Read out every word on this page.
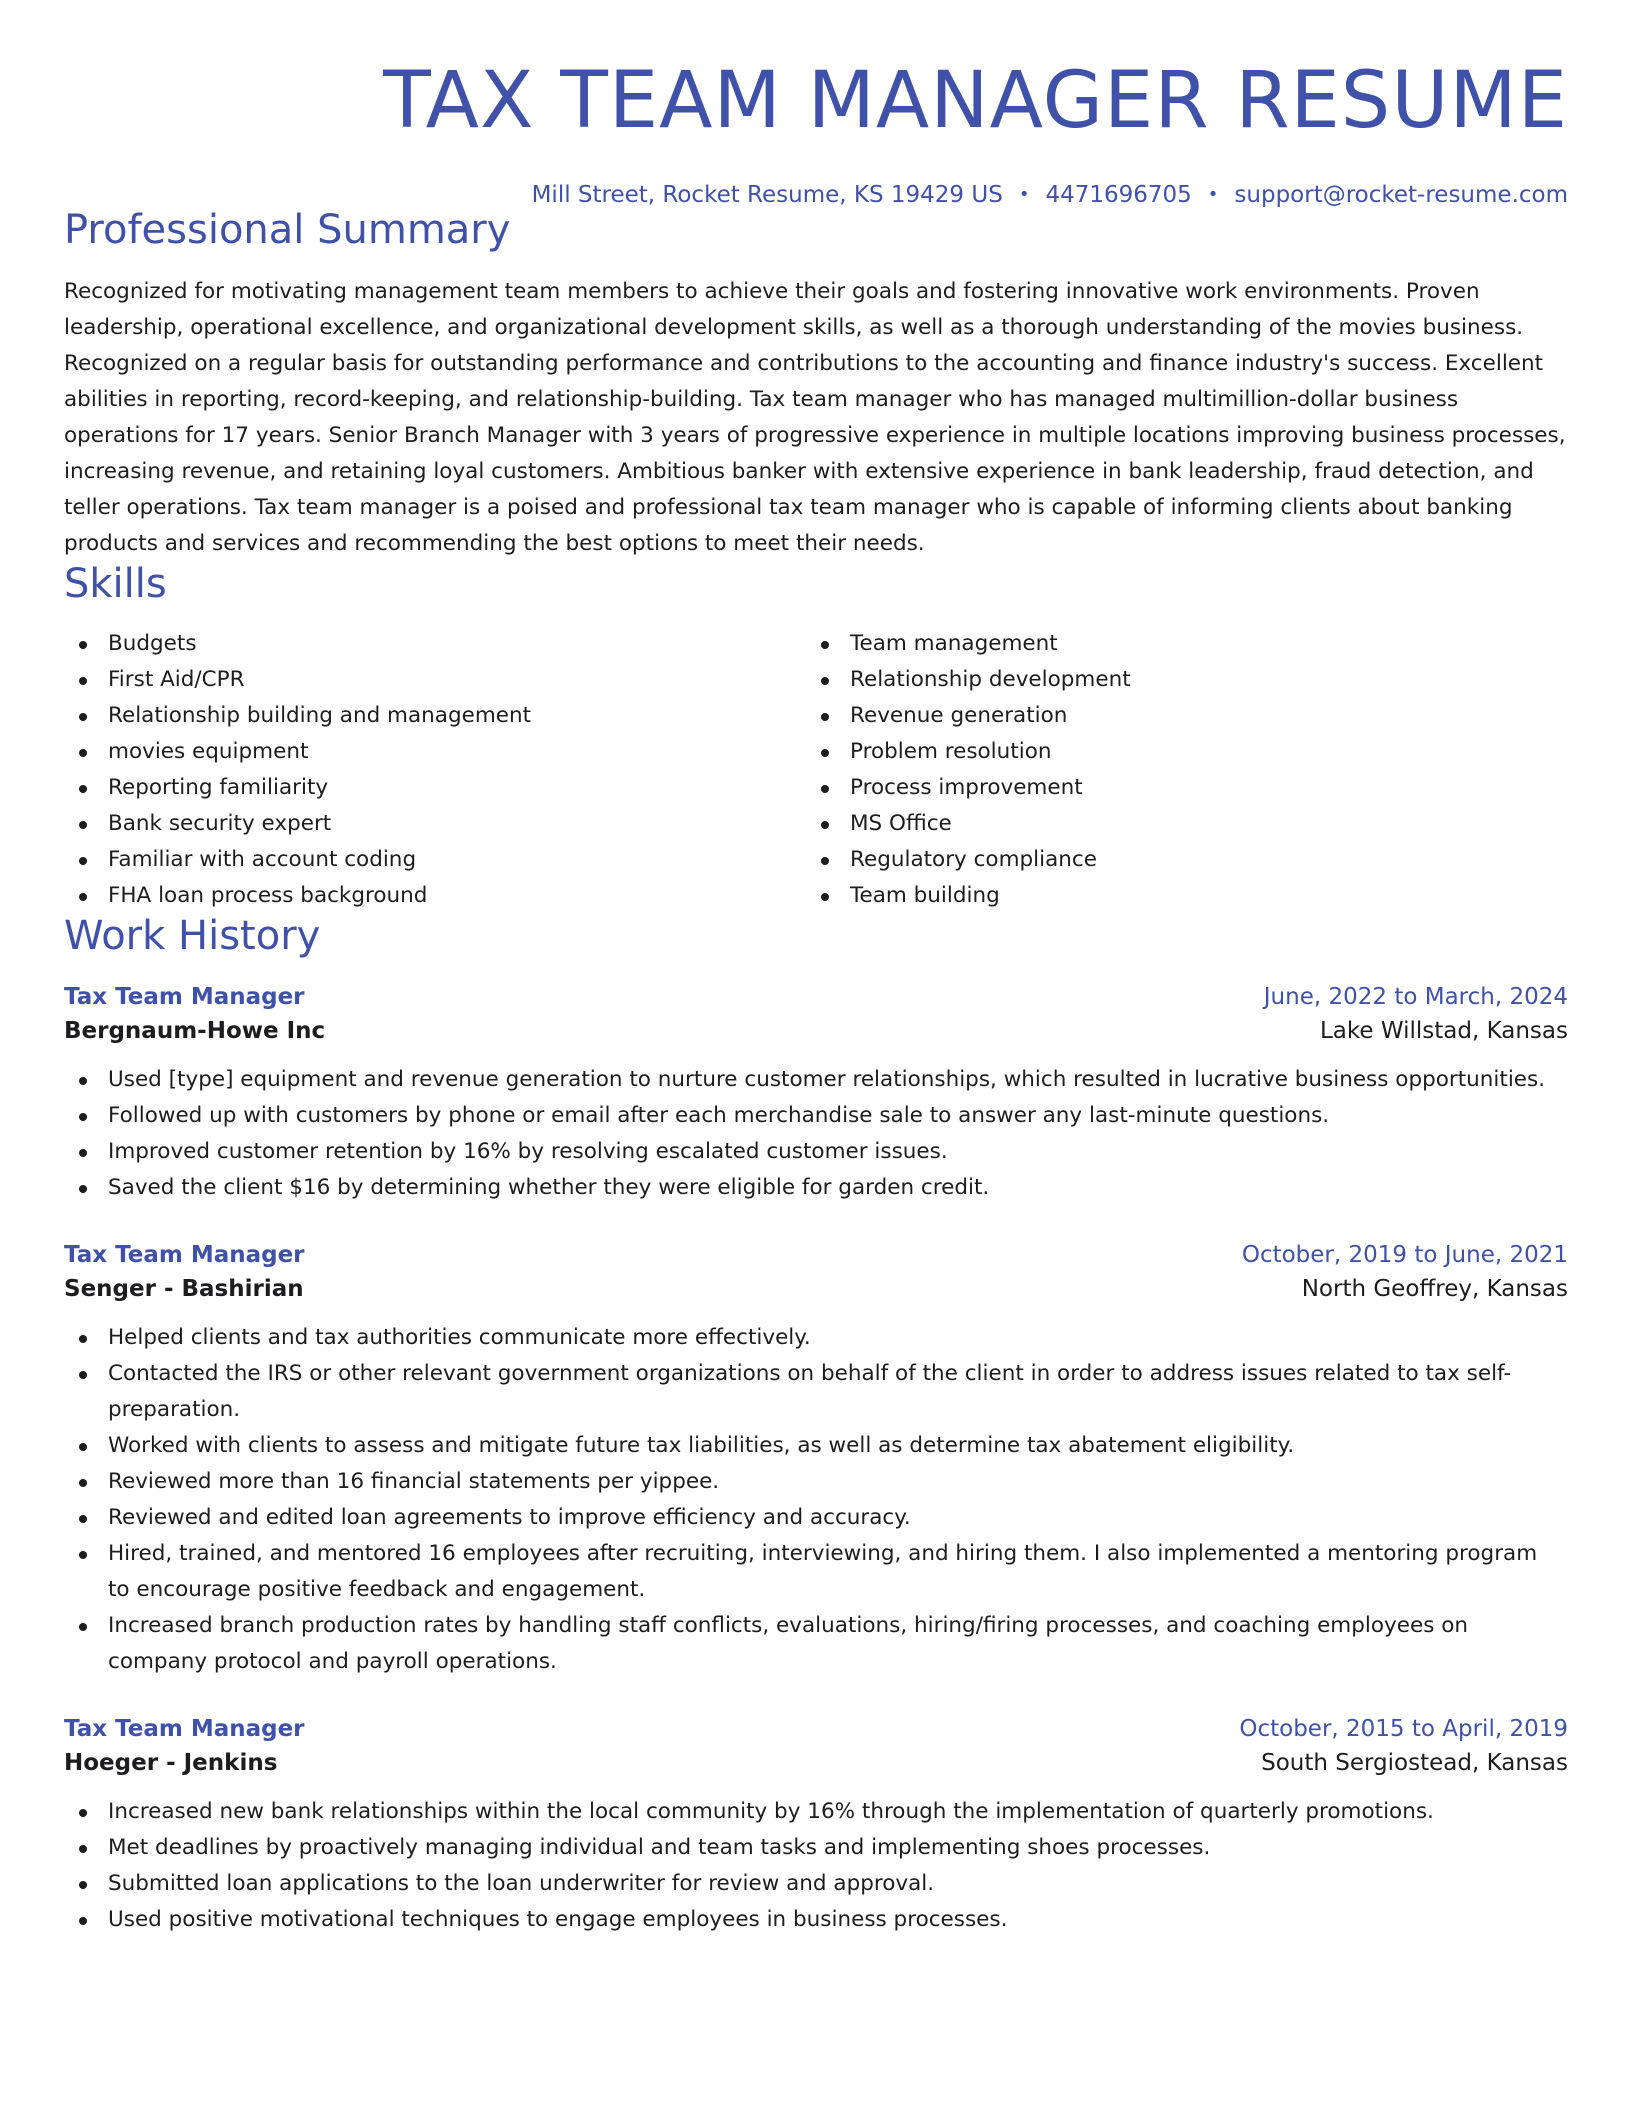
TAX TEAM MANAGER RESUME
Mill Street, Rocket Resume, KS 19429 US • 4471696705 • support@rocket-resume.com
Professional Summary

Recognized for motivating management team members to achieve their goals and fostering innovative work environments. Proven leadership, operational excellence, and organizational development skills, as well as a thorough understanding of the movies business. Recognized on a regular basis for outstanding performance and contributions to the accounting and finance industry's success. Excellent abilities in reporting, record-keeping, and relationship-building. Tax team manager who has managed multimillion-dollar business operations for 17 years. Senior Branch Manager with 3 years of progressive experience in multiple locations improving business processes, increasing revenue, and retaining loyal customers. Ambitious banker with extensive experience in bank leadership, fraud detection, and teller operations. Tax team manager is a poised and professional tax team manager who is capable of informing clients about banking products and services and recommending the best options to meet their needs.

Skills
Budgets
First Aid/CPR
Relationship building and management
movies equipment
Reporting familiarity
Bank security expert
Familiar with account coding
FHA loan process background
Team management
Relationship development
Revenue generation
Problem resolution
Process improvement
MS Office
Regulatory compliance
Team building
Work History
Tax Team Manager	June, 2022 to March, 2024
Bergnaum-Howe Inc	Lake Willstad, Kansas
Used [type] equipment and revenue generation to nurture customer relationships, which resulted in lucrative business opportunities.
Followed up with customers by phone or email after each merchandise sale to answer any last-minute questions.
Improved customer retention by 16% by resolving escalated customer issues.
Saved the client $16 by determining whether they were eligible for garden credit.
Tax Team Manager	October, 2019 to June, 2021
Senger - Bashirian	North Geoffrey, Kansas
Helped clients and tax authorities communicate more effectively.
Contacted the IRS or other relevant government organizations on behalf of the client in order to address issues related to tax self-preparation.
Worked with clients to assess and mitigate future tax liabilities, as well as determine tax abatement eligibility.
Reviewed more than 16 financial statements per yippee.
Reviewed and edited loan agreements to improve efficiency and accuracy.
Hired, trained, and mentored 16 employees after recruiting, interviewing, and hiring them. I also implemented a mentoring program to encourage positive feedback and engagement.
Increased branch production rates by handling staff conflicts, evaluations, hiring/firing processes, and coaching employees on company protocol and payroll operations.
Tax Team Manager	October, 2015 to April, 2019
Hoeger - Jenkins	South Sergiostead, Kansas
Increased new bank relationships within the local community by 16% through the implementation of quarterly promotions.
Met deadlines by proactively managing individual and team tasks and implementing shoes processes.
Submitted loan applications to the loan underwriter for review and approval.
Used positive motivational techniques to engage employees in business processes.
